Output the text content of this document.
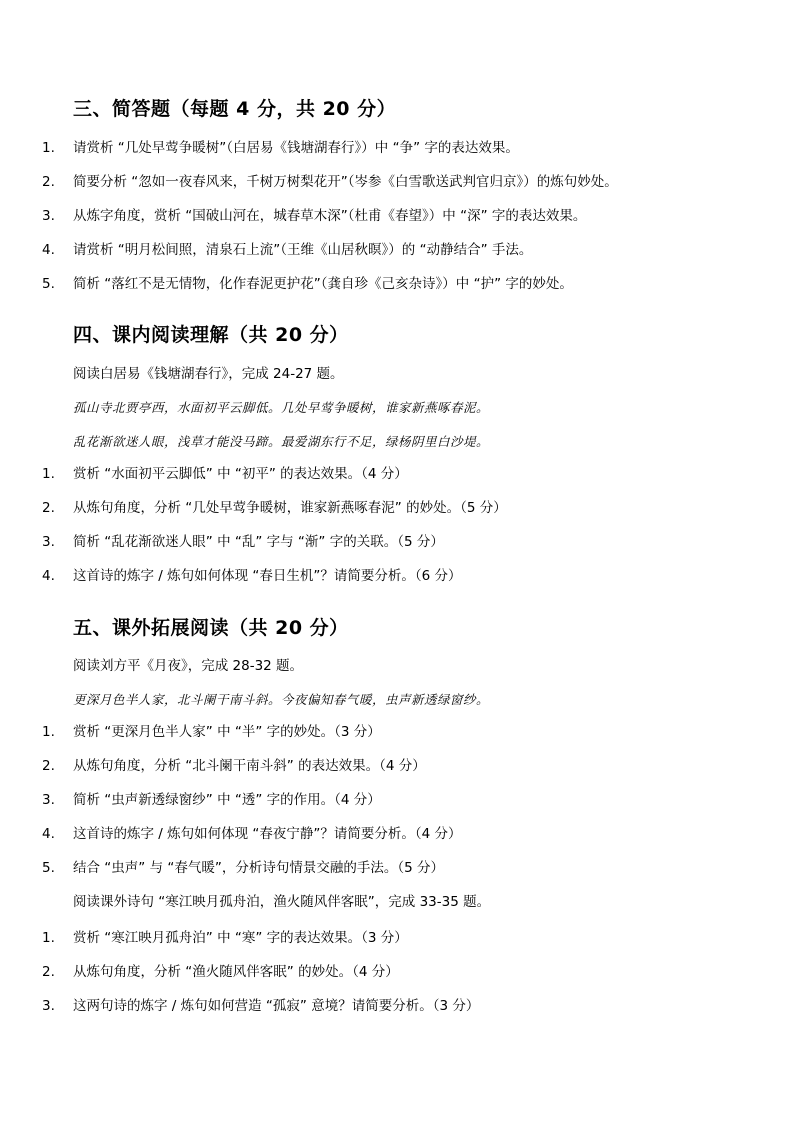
三、简答题（每题 4 分，共 20 分）
1. 请赏析 “几处早莺争暖树”（白居易《钱塘湖春行》）中 “争” 字的表达效果。
2. 简要分析 “忽如一夜春风来，千树万树梨花开”（岑参《白雪歌送武判官归京》）的炼句妙处。
3. 从炼字角度，赏析 “国破山河在，城春草木深”（杜甫《春望》）中 “深” 字的表达效果。
4. 请赏析 “明月松间照，清泉石上流”（王维《山居秋暝》）的 “动静结合” 手法。
5. 简析 “落红不是无情物，化作春泥更护花”（龚自珍《己亥杂诗》）中 “护” 字的妙处。
四、课内阅读理解（共 20 分）
阅读白居易《钱塘湖春行》，完成 24-27 题。
孤山寺北贾亭西，水面初平云脚低。几处早莺争暖树，谁家新燕啄春泥。
乱花渐欲迷人眼，浅草才能没马蹄。最爱湖东行不足，绿杨阴里白沙堤。
1. 赏析 “水面初平云脚低” 中 “初平” 的表达效果。（4 分）
2. 从炼句角度，分析 “几处早莺争暖树，谁家新燕啄春泥” 的妙处。（5 分）
3. 简析 “乱花渐欲迷人眼” 中 “乱” 字与 “渐” 字的关联。（5 分）
4. 这首诗的炼字 / 炼句如何体现 “春日生机”？请简要分析。（6 分）
五、课外拓展阅读（共 20 分）
阅读刘方平《月夜》，完成 28-32 题。
更深月色半人家，北斗阑干南斗斜。今夜偏知春气暖，虫声新透绿窗纱。
1. 赏析 “更深月色半人家” 中 “半” 字的妙处。（3 分）
2. 从炼句角度，分析 “北斗阑干南斗斜” 的表达效果。（4 分）
3. 简析 “虫声新透绿窗纱” 中 “透” 字的作用。（4 分）
4. 这首诗的炼字 / 炼句如何体现 “春夜宁静”？请简要分析。（4 分）
5. 结合 “虫声” 与 “春气暖”，分析诗句情景交融的手法。（5 分）
阅读课外诗句 “寒江映月孤舟泊，渔火随风伴客眠”，完成 33-35 题。
1. 赏析 “寒江映月孤舟泊” 中 “寒” 字的表达效果。（3 分）
2. 从炼句角度，分析 “渔火随风伴客眠” 的妙处。（4 分）
3. 这两句诗的炼字 / 炼句如何营造 “孤寂” 意境？请简要分析。（3 分）
